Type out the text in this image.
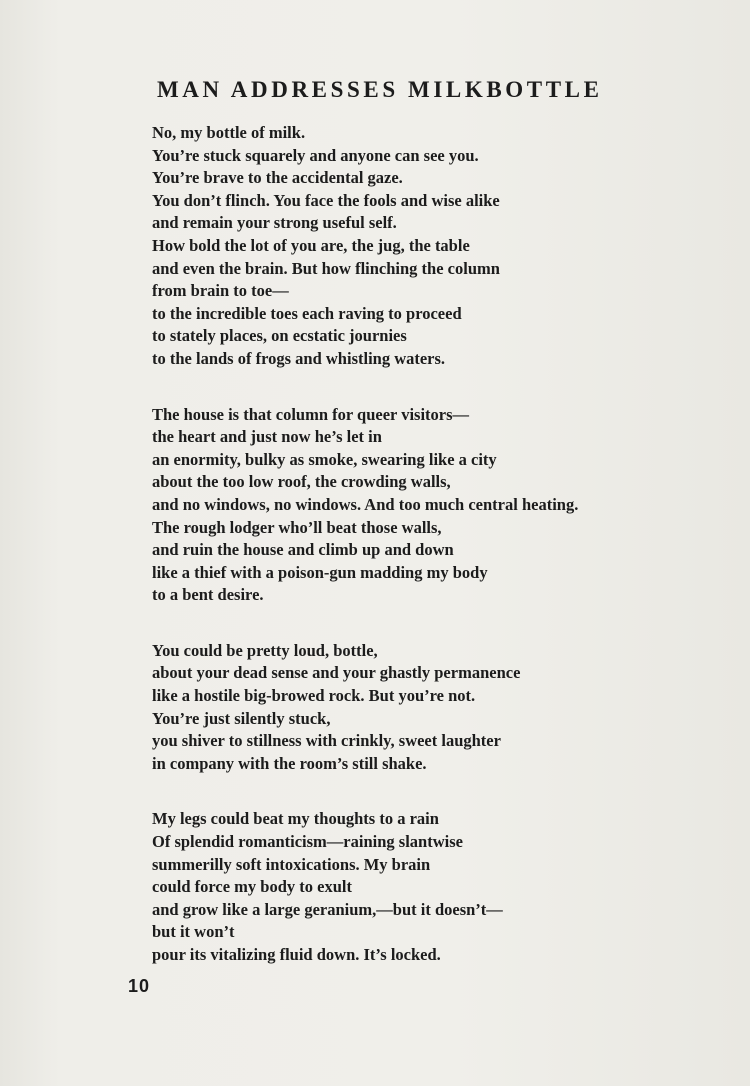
MAN ADDRESSES MILKBOTTLE
No, my bottle of milk.
You’re stuck squarely and anyone can see you.
You’re brave to the accidental gaze.
You don’t flinch. You face the fools and wise alike
and remain your strong useful self.
How bold the lot of you are, the jug, the table
and even the brain. But how flinching the column
from brain to toe—
to the incredible toes each raving to proceed
to stately places, on ecstatic journies
to the lands of frogs and whistling waters.
The house is that column for queer visitors—
the heart and just now he’s let in
an enormity, bulky as smoke, swearing like a city
about the too low roof, the crowding walls,
and no windows, no windows. And too much central heating.
The rough lodger who’ll beat those walls,
and ruin the house and climb up and down
like a thief with a poison-gun madding my body
to a bent desire.
You could be pretty loud, bottle,
about your dead sense and your ghastly permanence
like a hostile big-browed rock. But you’re not.
You’re just silently stuck,
you shiver to stillness with crinkly, sweet laughter
in company with the room’s still shake.
My legs could beat my thoughts to a rain
Of splendid romanticism—raining slantwise
summerilly soft intoxications. My brain
could force my body to exult
and grow like a large geranium,—but it doesn’t—
but it won’t
pour its vitalizing fluid down. It’s locked.
10
